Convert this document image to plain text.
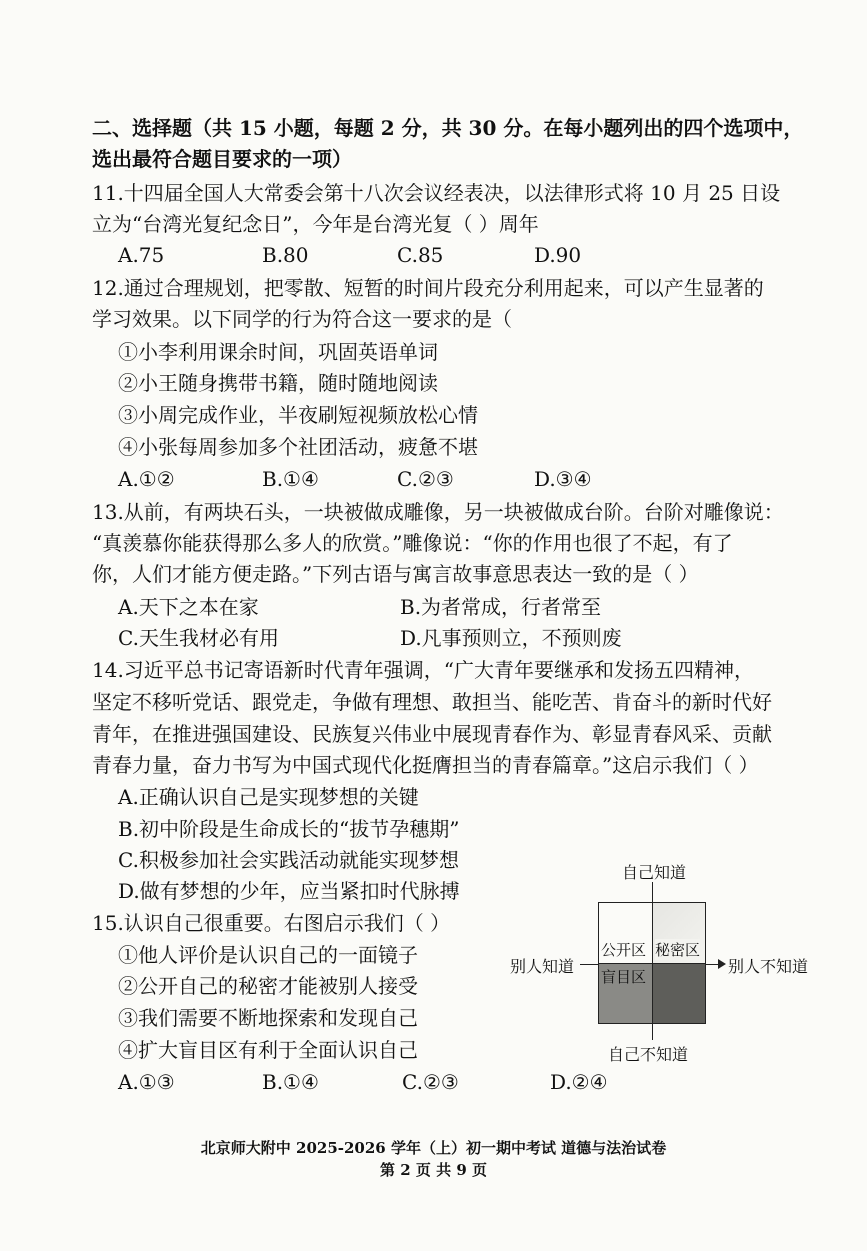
二、选择题（共 15 小题，每题 2 分，共 30 分。在每小题列出的四个选项中，
选出最符合题目要求的一项）
11.十四届全国人大常委会第十八次会议经表决，以法律形式将 10 月 25 日设
立为“台湾光复纪念日”，今年是台湾光复（ ）周年
A.75	B.80	C.85	D.90
12.通过合理规划，把零散、短暂的时间片段充分利用起来，可以产生显著的
学习效果。以下同学的行为符合这一要求的是（
①小李利用课余时间，巩固英语单词
②小王随身携带书籍，随时随地阅读
③小周完成作业，半夜刷短视频放松心情
④小张每周参加多个社团活动，疲惫不堪
A.①②	B.①④	C.②③	D.③④
13.从前，有两块石头，一块被做成雕像，另一块被做成台阶。台阶对雕像说：
“真羡慕你能获得那么多人的欣赏。”雕像说：“你的作用也很了不起，有了
你，人们才能方便走路。”下列古语与寓言故事意思表达一致的是（ ）
A.天下之本在家	B.为者常成，行者常至
C.天生我材必有用	D.凡事预则立，不预则废
14.习近平总书记寄语新时代青年强调，“广大青年要继承和发扬五四精神，
坚定不移听党话、跟党走，争做有理想、敢担当、能吃苦、肯奋斗的新时代好
青年，在推进强国建设、民族复兴伟业中展现青春作为、彰显青春风采、贡献
青春力量，奋力书写为中国式现代化挺膺担当的青春篇章。”这启示我们（ ）
A.正确认识自己是实现梦想的关键
B.初中阶段是生命成长的“拔节孕穗期”
C.积极参加社会实践活动就能实现梦想
D.做有梦想的少年，应当紧扣时代脉搏
15.认识自己很重要。右图启示我们（ ）
①他人评价是认识自己的一面镜子
②公开自己的秘密才能被别人接受
③我们需要不断地探索和发现自己
④扩大盲目区有利于全面认识自己
A.①③	B.①④	C.②③	D.②④
自己知道
自己不知道
别人知道	别人不知道
公开区 秘密区
盲目区
北京师大附中 2025-2026 学年（上）初一期中考试 道德与法治试卷
第 2 页 共 9 页
